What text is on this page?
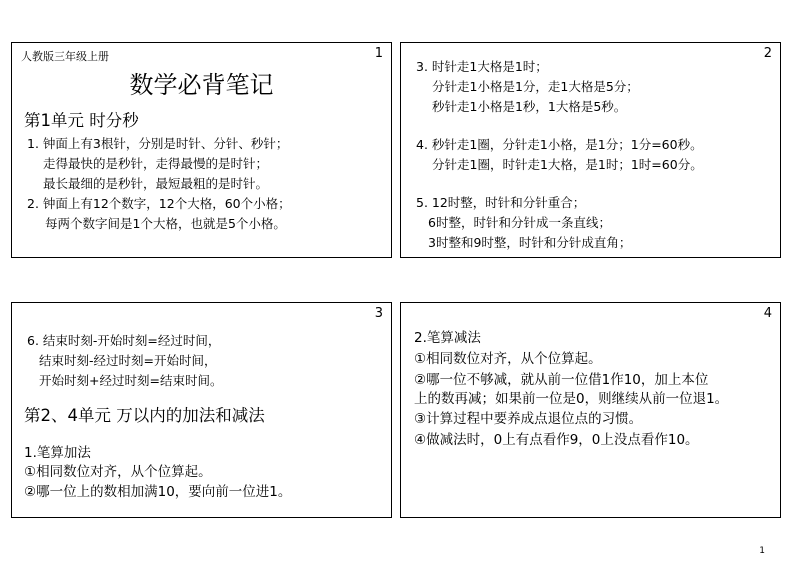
1
人教版三年级上册
数学必背笔记
第1单元 时分秒
1. 钟面上有3根针，分别是时针、分针、秒针；
走得最快的是秒针，走得最慢的是时针；
最长最细的是秒针，最短最粗的是时针。
2. 钟面上有12个数字，12个大格，60个小格；
每两个数字间是1个大格，也就是5个小格。
2
3. 时针走1大格是1时；
分针走1小格是1分，走1大格是5分；
秒针走1小格是1秒，1大格是5秒。
4. 秒针走1圈，分针走1小格，是1分；1分=60秒。
分针走1圈，时针走1大格，是1时；1时=60分。
5. 12时整，时针和分针重合；
6时整，时针和分针成一条直线；
3时整和9时整，时针和分针成直角；
3
6. 结束时刻-开始时刻=经过时间，
结束时刻-经过时刻=开始时间，
开始时刻+经过时刻=结束时间。
第2、4单元 万以内的加法和减法
1.笔算加法
①相同数位对齐，从个位算起。
②哪一位上的数相加满10，要向前一位进1。
4
2.笔算减法
①相同数位对齐，从个位算起。
②哪一位不够减，就从前一位借1作10，加上本位
上的数再减；如果前一位是0，则继续从前一位退1。
③计算过程中要养成点退位点的习惯。
④做减法时，0上有点看作9，0上没点看作10。
1
